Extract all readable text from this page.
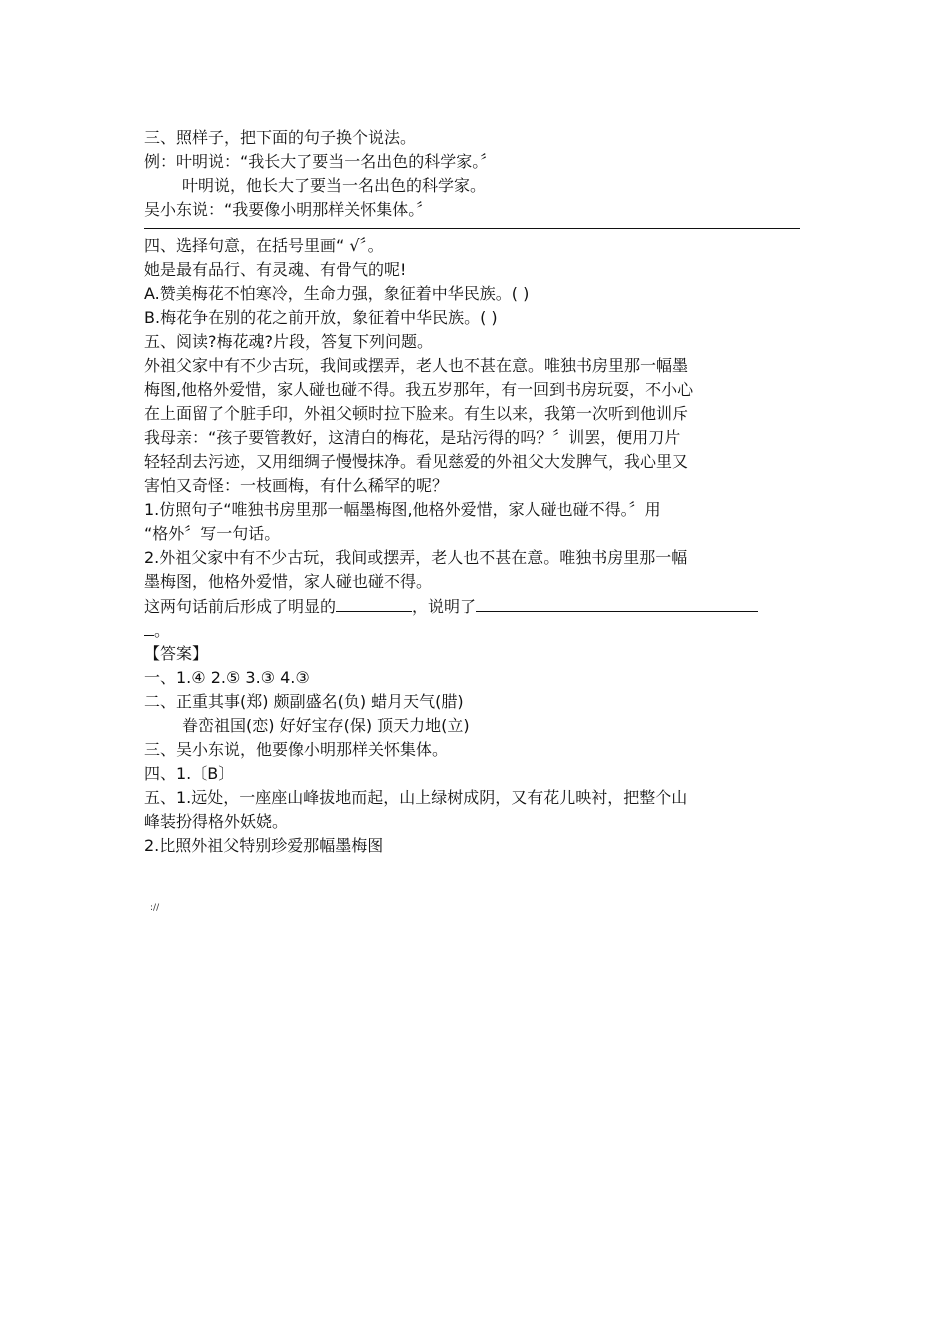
三、照样子，把下面的句子换个说法。
例：叶明说：“我长大了要当一名出色的科学家。〞
叶明说，他长大了要当一名出色的科学家。
吴小东说：“我要像小明那样关怀集体。〞
四、选择句意，在括号里画“ √〞。
她是最有品行、有灵魂、有骨气的呢!
A.赞美梅花不怕寒冷，生命力强，象征着中华民族。( )
B.梅花争在别的花之前开放，象征着中华民族。( )
五、阅读?梅花魂?片段，答复下列问题。
外祖父家中有不少古玩，我间或摆弄，老人也不甚在意。唯独书房里那一幅墨
梅图,他格外爱惜，家人碰也碰不得。我五岁那年，有一回到书房玩耍，不小心
在上面留了个脏手印，外祖父顿时拉下脸来。有生以来，我第一次听到他训斥
我母亲：“孩子要管教好，这清白的梅花，是玷污得的吗？〞训罢，便用刀片
轻轻刮去污迹，又用细绸子慢慢抹净。看见慈爱的外祖父大发脾气，我心里又
害怕又奇怪：一枝画梅，有什么稀罕的呢？
1.仿照句子“唯独书房里那一幅墨梅图,他格外爱惜，家人碰也碰不得。〞用
“格外〞写一句话。
2.外祖父家中有不少古玩，我间或摆弄，老人也不甚在意。唯独书房里那一幅
墨梅图，他格外爱惜，家人碰也碰不得。
这两句话前后形成了明显的	，说明了
。
【答案】
一、1.④ 2.⑤ 3.③ 4.③
二、正重其事(郑) 颇副盛名(负) 蜡月天气(腊)
眷峦祖国(恋) 好好宝存(保) 顶天力地(立)
三、吴小东说，他要像小明那样关怀集体。
四、1.〔B〕
五、1.远处，一座座山峰拔地而起，山上绿树成阴，又有花儿映衬，把整个山
峰装扮得格外妖娆。
2.比照外祖父特别珍爱那幅墨梅图
://
